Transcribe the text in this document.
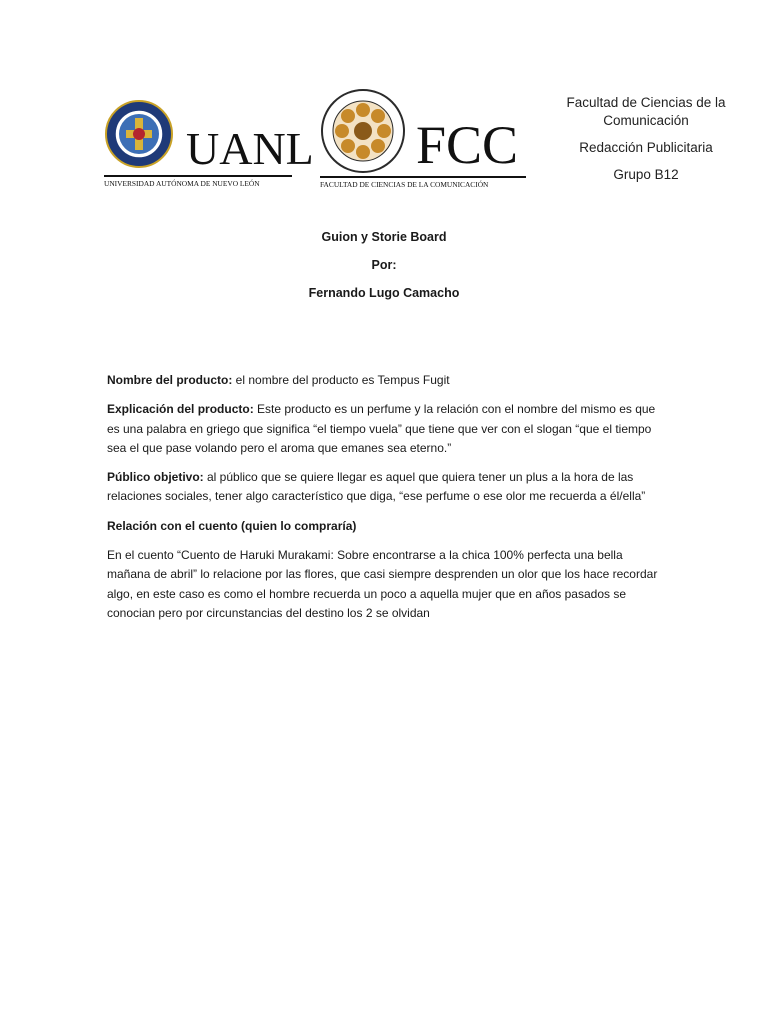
UANL
UNIVERSIDAD AUTÓNOMA DE NUEVO LEÓN
FCC
FACULTAD DE CIENCIAS DE LA COMUNICACIÓN

Facultad de Ciencias de la Comunicación

Redacción Publicitaria

Grupo B12

Guion y Storie Board
Por:
Fernando Lugo Camacho

Nombre del producto: el nombre del producto es Tempus Fugit

Explicación del producto: Este producto es un perfume y la relación con el nombre del mismo es que es una palabra en griego que significa “el tiempo vuela” que tiene que ver con el slogan “que el tiempo sea el que pase volando pero el aroma que emanes sea eterno.”

Público objetivo: al público que se quiere llegar es aquel que quiera tener un plus a la hora de las relaciones sociales, tener algo característico que diga, “ese perfume o ese olor me recuerda a él/ella”

Relación con el cuento (quien lo compraría)

En el cuento “Cuento de Haruki Murakami: Sobre encontrarse a la chica 100% perfecta una bella mañana de abril” lo relacione por las flores, que casi siempre desprenden un olor que los hace recordar algo, en este caso es como el hombre recuerda un poco a aquella mujer que en años pasados se conocian pero por circunstancias del destino los 2 se olvidan
